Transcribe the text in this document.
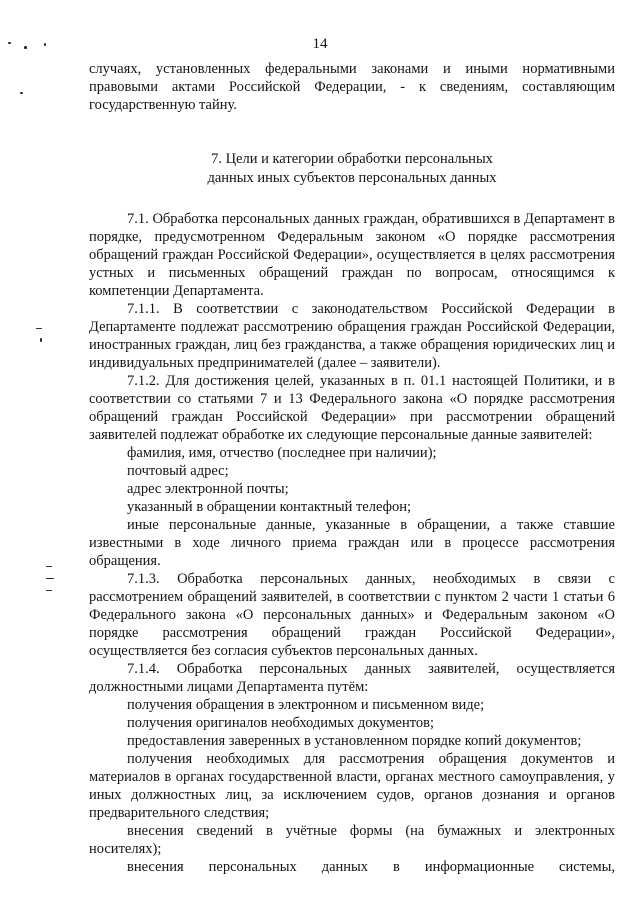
14

случаях, установленных федеральными законами и иными нормативными правовыми актами Российской Федерации, - к сведениям, составляющим государственную тайну.

7. Цели и категории обработки персональных
данных иных субъектов персональных данных

7.1. Обработка персональных данных граждан, обратившихся в Департамент в порядке, предусмотренном Федеральным законом «О порядке рассмотрения обращений граждан Российской Федерации», осуществляется в целях рассмотрения устных и письменных обращений граждан по вопросам, относящимся к компетенции Департамента.

7.1.1. В соответствии с законодательством Российской Федерации в Департаменте подлежат рассмотрению обращения граждан Российской Федерации, иностранных граждан, лиц без гражданства, а также обращения юридических лиц и индивидуальных предпринимателей (далее – заявители).

7.1.2. Для достижения целей, указанных в п. 01.1 настоящей Политики, и в соответствии со статьями 7 и 13 Федерального закона «О порядке рассмотрения обращений граждан Российской Федерации» при рассмотрении обращений заявителей подлежат обработке их следующие персональные данные заявителей:

фамилия, имя, отчество (последнее при наличии);

почтовый адрес;

адрес электронной почты;

указанный в обращении контактный телефон;

иные персональные данные, указанные в обращении, а также ставшие известными в ходе личного приема граждан или в процессе рассмотрения обращения.

7.1.3. Обработка персональных данных, необходимых в связи с рассмотрением обращений заявителей, в соответствии с пунктом 2 части 1 статьи 6 Федерального закона «О персональных данных» и Федеральным законом «О порядке рассмотрения обращений граждан Российской Федерации», осуществляется без согласия субъектов персональных данных.

7.1.4. Обработка персональных данных заявителей, осуществляется должностными лицами Департамента путём:

получения обращения в электронном и письменном виде;

получения оригиналов необходимых документов;

предоставления заверенных в установленном порядке копий документов;

получения необходимых для рассмотрения обращения документов и материалов в органах государственной власти, органах местного самоуправления, у иных должностных лиц, за исключением судов, органов дознания и органов предварительного следствия;

внесения сведений в учётные формы (на бумажных и электронных носителях);

внесения персональных данных в информационные системы,
